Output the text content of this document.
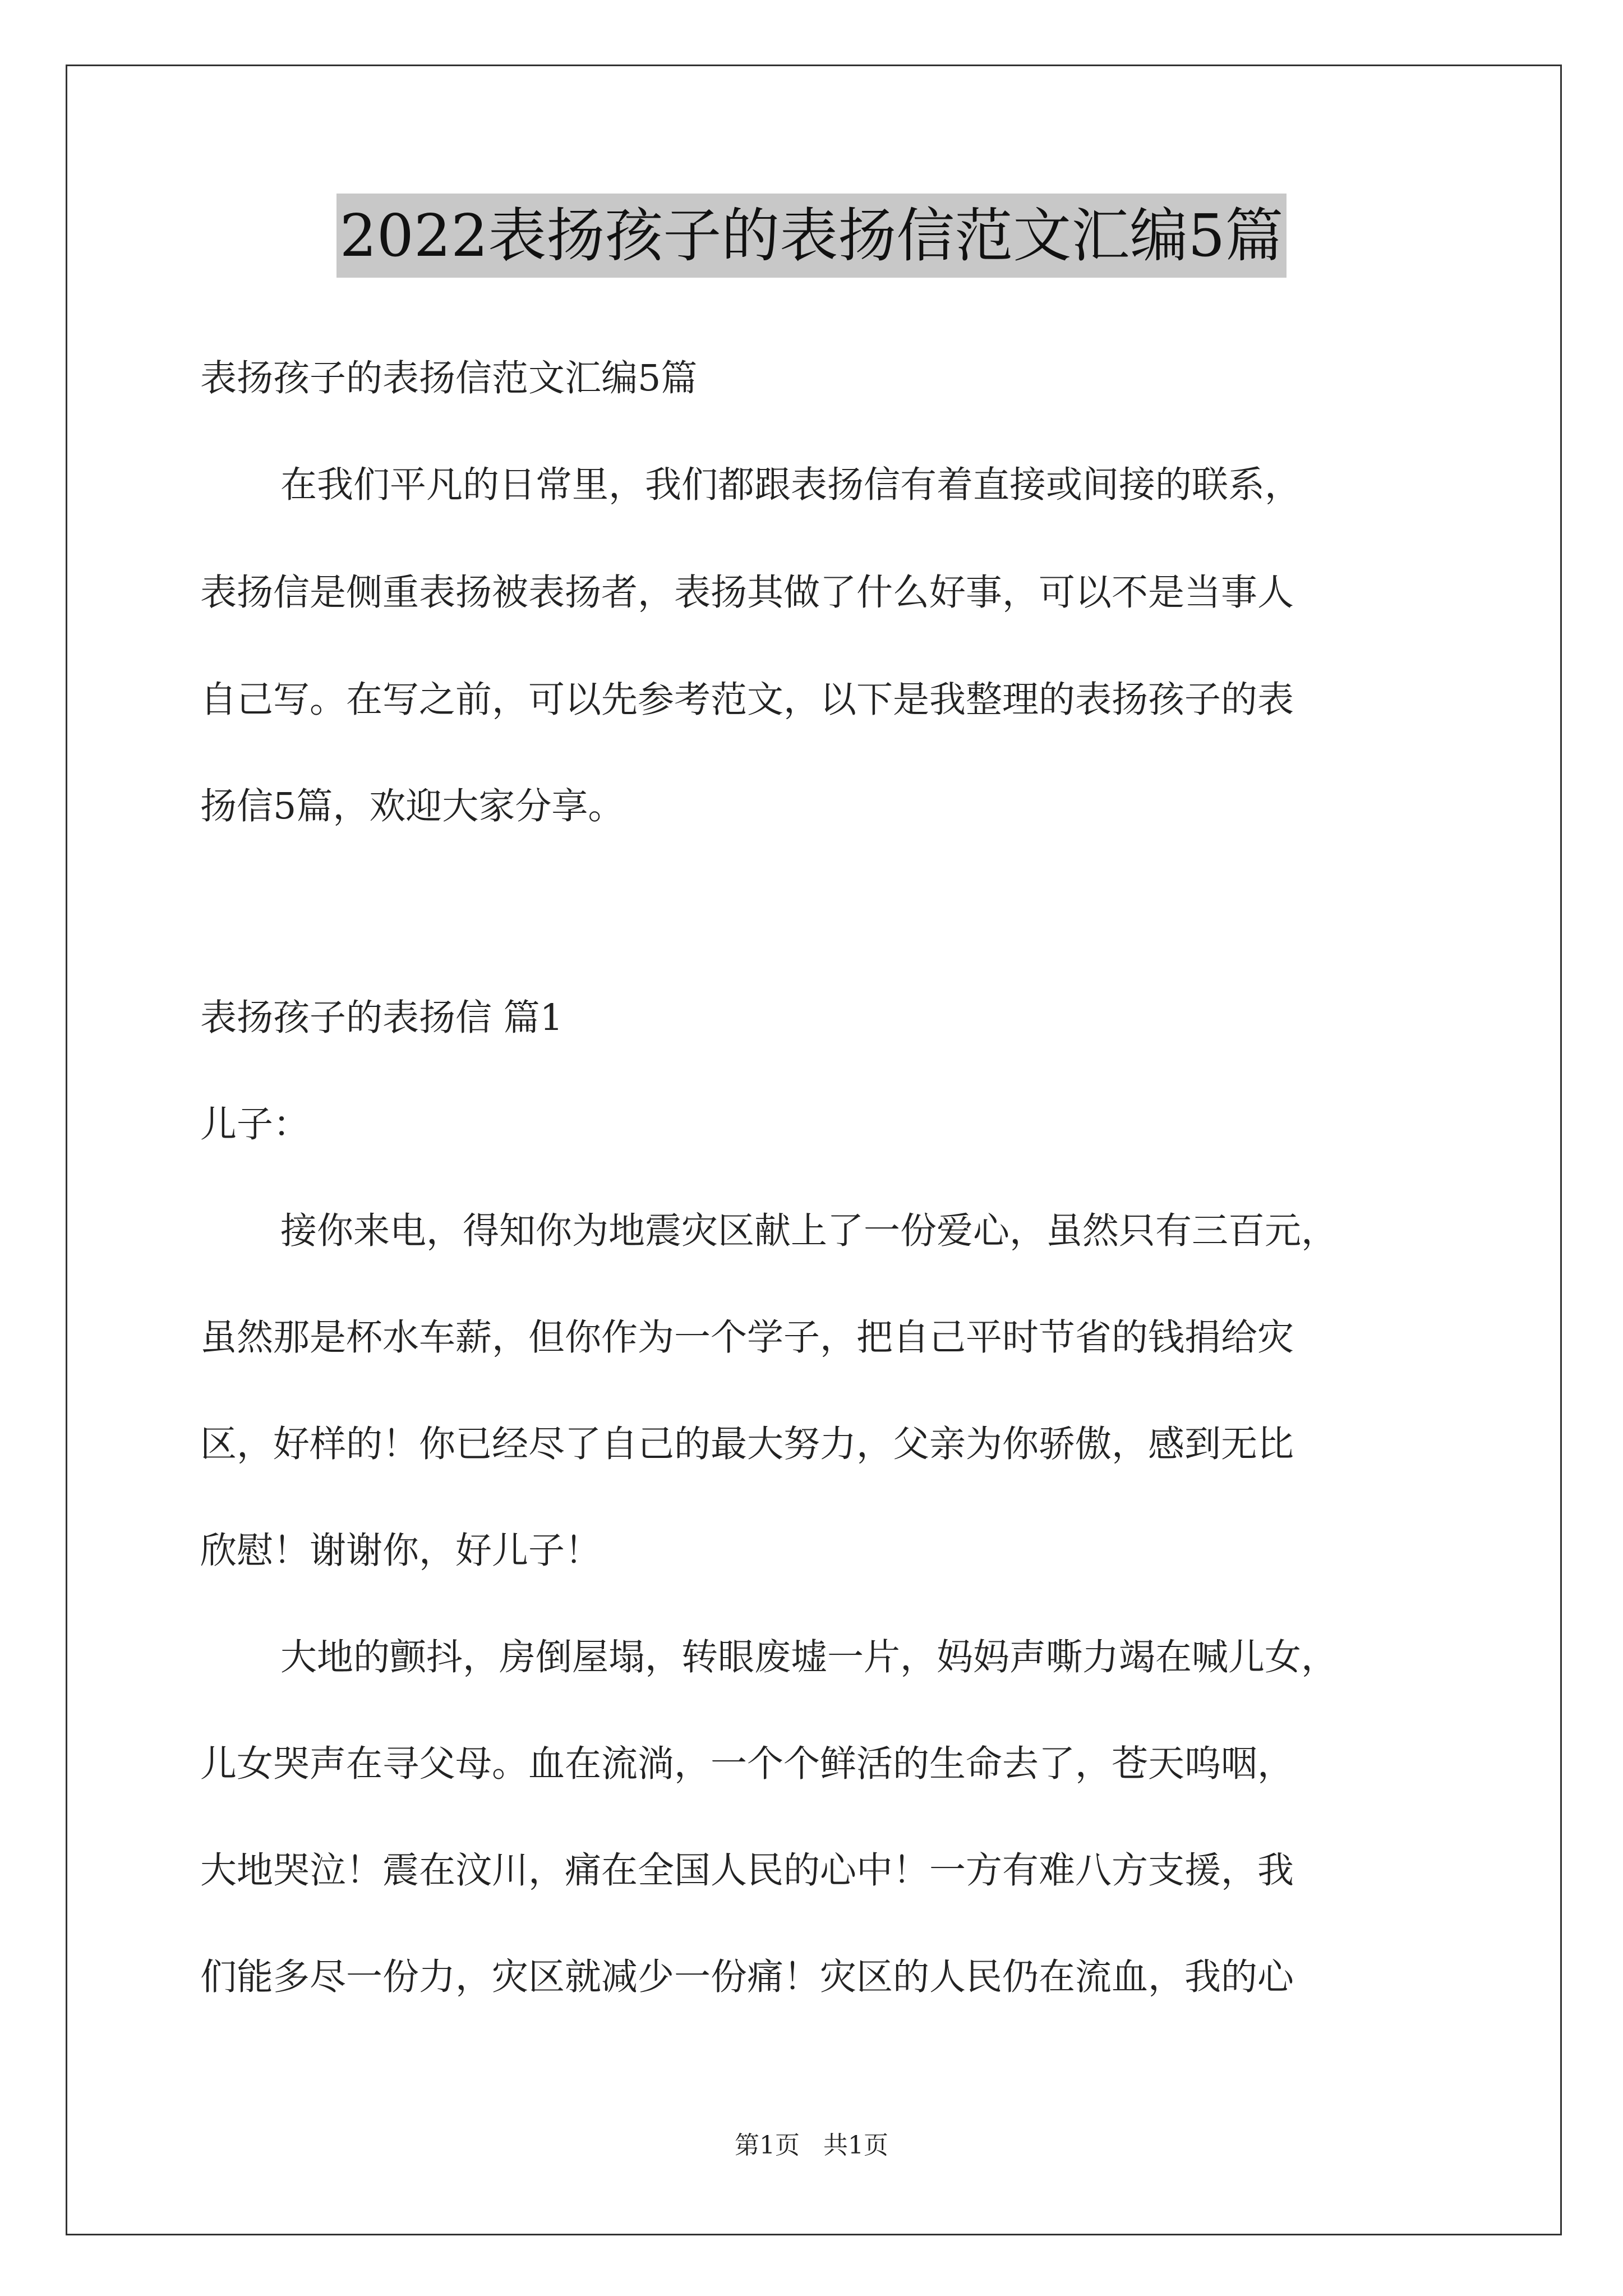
2022表扬孩子的表扬信范文汇编5篇
表扬孩子的表扬信范文汇编5篇
在我们平凡的日常里，我们都跟表扬信有着直接或间接的联系，
表扬信是侧重表扬被表扬者，表扬其做了什么好事，可以不是当事人
自己写。在写之前，可以先参考范文，以下是我整理的表扬孩子的表
扬信5篇，欢迎大家分享。
表扬孩子的表扬信 篇1
儿子：
接你来电，得知你为地震灾区献上了一份爱心，虽然只有三百元，
虽然那是杯水车薪，但你作为一个学子，把自己平时节省的钱捐给灾
区，好样的！你已经尽了自己的最大努力，父亲为你骄傲，感到无比
欣慰！谢谢你，好儿子！
大地的颤抖，房倒屋塌，转眼废墟一片，妈妈声嘶力竭在喊儿女，
儿女哭声在寻父母。血在流淌，一个个鲜活的生命去了，苍天呜咽，
大地哭泣！震在汶川，痛在全国人民的心中！一方有难八方支援，我
们能多尽一份力，灾区就减少一份痛！灾区的人民仍在流血，我的心
第1页   共1页
